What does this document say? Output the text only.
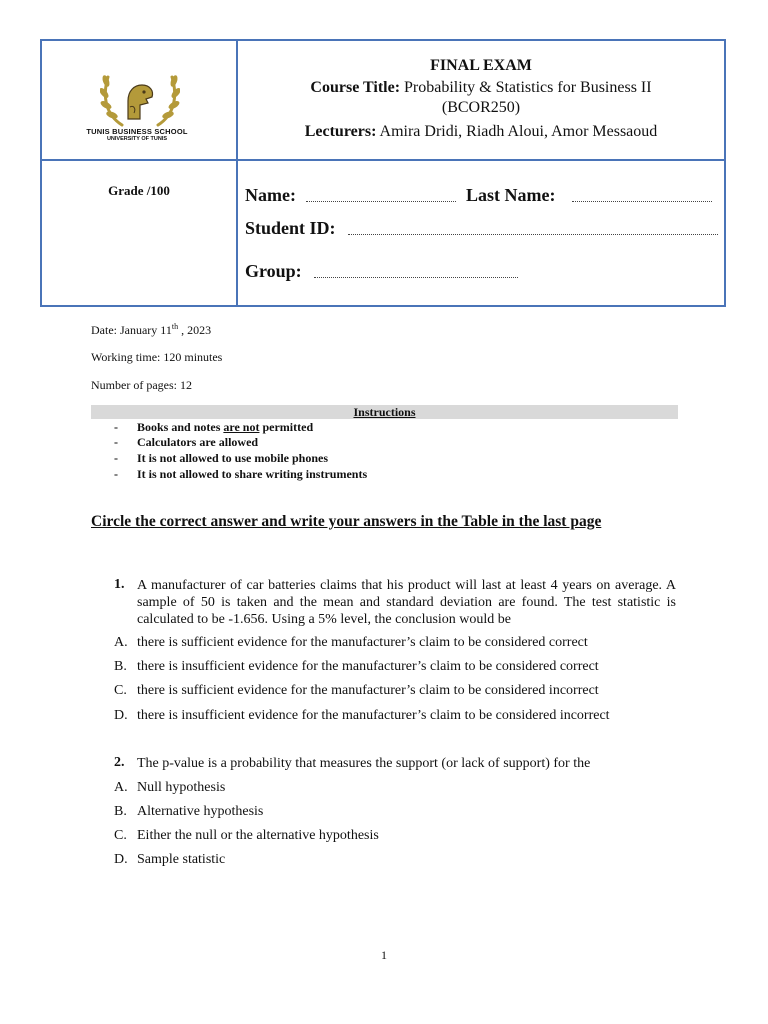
TUNIS BUSINESS SCHOOL
UNIVERSITY OF TUNIS
FINAL EXAM
Course Title: Probability & Statistics for Business II
(BCOR250)
Lecturers: Amira Dridi, Riadh Aloui, Amor Messaoud
Grade /100	Name:	Last Name:
Student ID:
Group:
Date: January 11th , 2023
Working time: 120 minutes
Number of pages: 12
Instructions
- Books and notes are not permitted
- Calculators are allowed
- It is not allowed to use mobile phones
- It is not allowed to share writing instruments
Circle the correct answer and write your answers in the Table in the last page
1. A manufacturer of car batteries claims that his product will last at least 4 years on average. A sample of 50 is taken and the mean and standard deviation are found. The test statistic is calculated to be -1.656. Using a 5% level, the conclusion would be
A. there is sufficient evidence for the manufacturer’s claim to be considered correct
B. there is insufficient evidence for the manufacturer’s claim to be considered correct
C. there is sufficient evidence for the manufacturer’s claim to be considered incorrect
D. there is insufficient evidence for the manufacturer’s claim to be considered incorrect
2. The p-value is a probability that measures the support (or lack of support) for the
A. Null hypothesis
B. Alternative hypothesis
C. Either the null or the alternative hypothesis
D. Sample statistic
1
